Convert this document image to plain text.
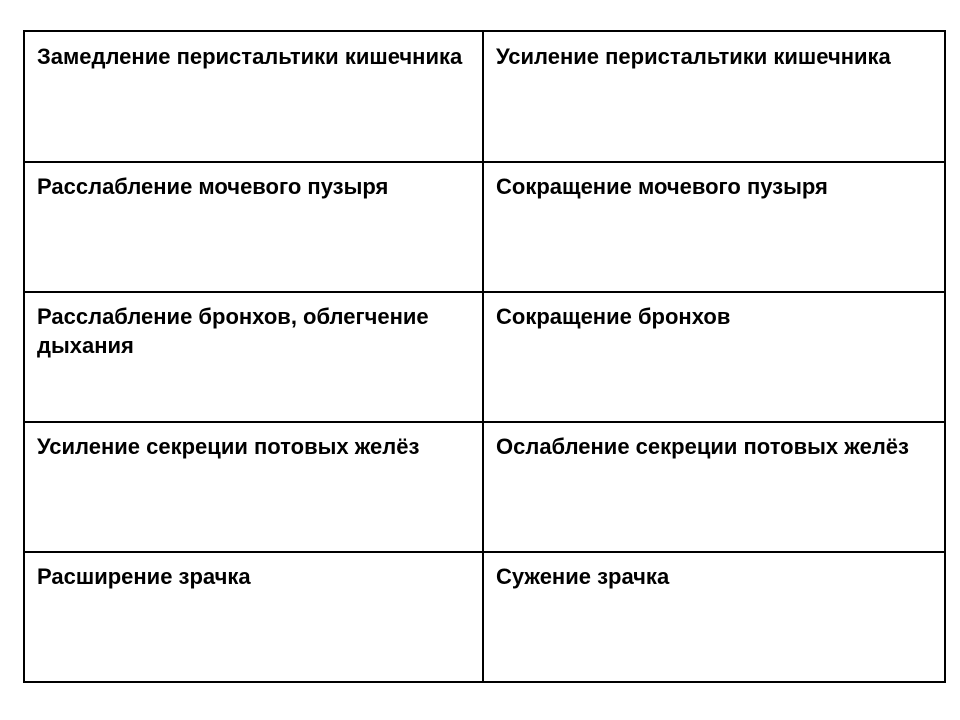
Замедление перистальтики кишечника	Усиление перистальтики кишечника
Расслабление мочевого пузыря	Сокращение мочевого пузыря
Расслабление бронхов, облегчение дыхания	Сокращение бронхов
Усиление секреции потовых желёз	Ослабление секреции потовых желёз
Расширение зрачка	Сужение зрачка
